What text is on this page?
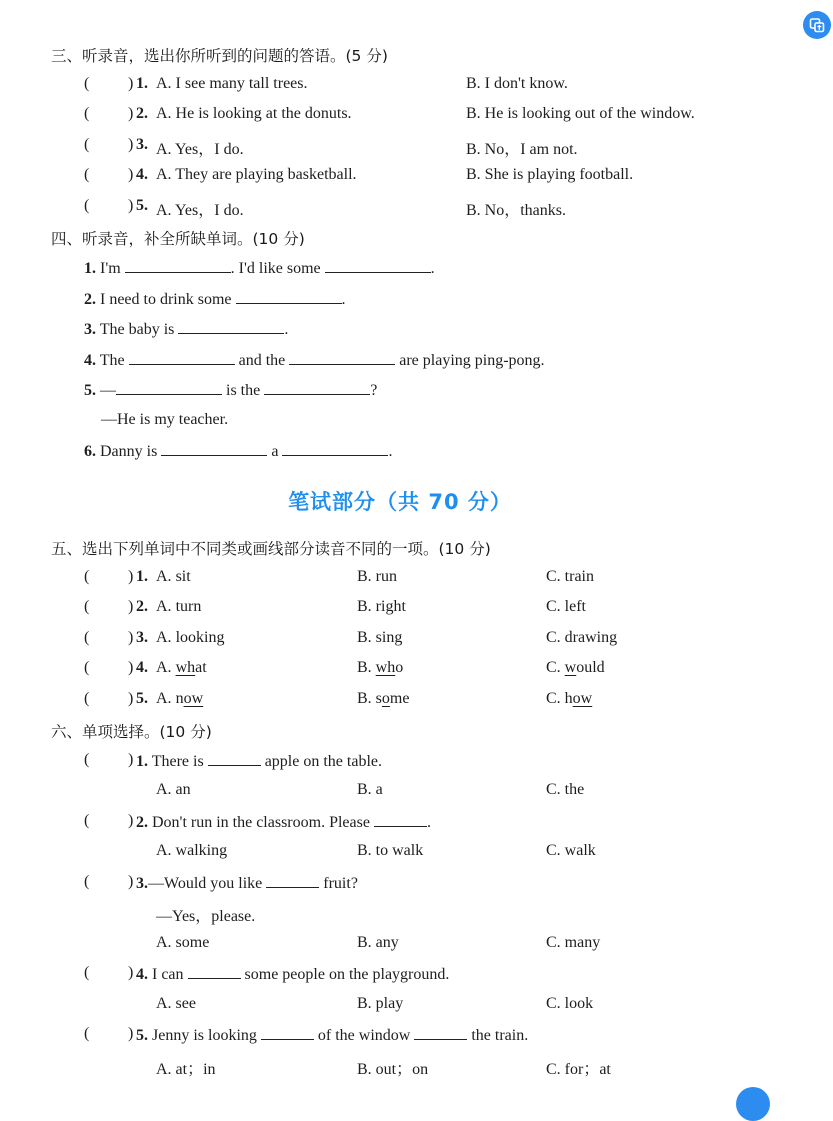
三、听录音，选出你所听到的问题的答语。(5 分)
( ) 1. A. I see many tall trees.	B. I don't know.
( ) 2. A. He is looking at the donuts.	B. He is looking out of the window.
( ) 3. A. Yes，I do.	B. No，I am not.
( ) 4. A. They are playing basketball.	B. She is playing football.
( ) 5. A. Yes，I do.	B. No，thanks.
四、听录音，补全所缺单词。(10 分)
1. I'm	. I'd like some	.
2. I need to drink some	.
3. The baby is	.
4. The	and the	are playing ping-pong.
5. —	is the	?
—He is my teacher.
6. Danny is	a	.
笔试部分（共 70 分）
五、选出下列单词中不同类或画线部分读音不同的一项。(10 分)
( ) 1. A. sit	B. run	C. train
( ) 2. A. turn	B. right	C. left
( ) 3. A. looking	B. sing	C. drawing
( ) 4. A. what	B. who	C. would
( ) 5. A. now	B. some	C. how
六、单项选择。(10 分)
( ) 1. There is	apple on the table.
A. an	B. a	C. the
( ) 2. Don't run in the classroom. Please	.
A. walking	B. to walk	C. walk
( ) 3.—Would you like	fruit?
—Yes，please.
A. some	B. any	C. many
( ) 4. I can	some people on the playground.
A. see	B. play	C. look
( ) 5. Jenny is looking	of the window	the train.
A. at；in	B. out；on	C. for；at
